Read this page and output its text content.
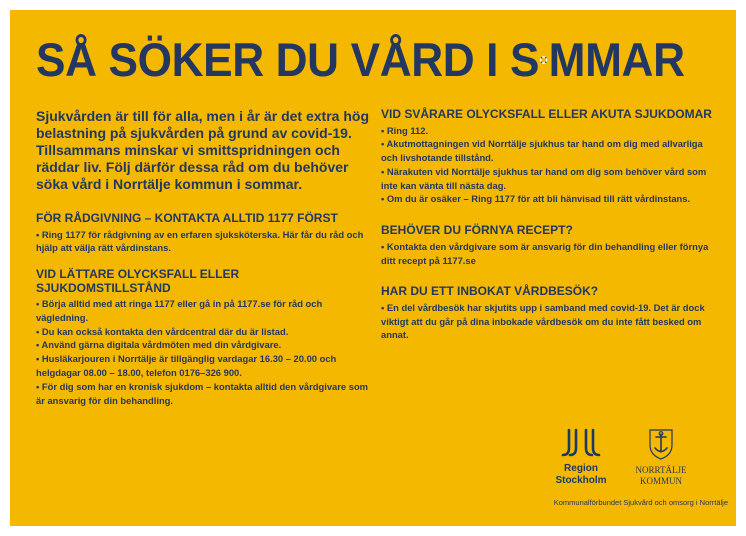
SÅ SÖKER DU VÅRD I S MMAR

Sjukvården är till för alla, men i år är det extra hög belastning på sjukvården på grund av covid-19. Tillsammans minskar vi smittspridningen och räddar liv. Följ därför dessa råd om du behöver söka vård i Norrtälje kommun i sommar.

FÖR RÅDGIVNING – KONTAKTA ALLTID 1177 FÖRST

• Ring 1177 för rådgivning av en erfaren sjuksköterska. Här får du råd och hjälp att välja rätt vårdinstans.

VID LÄTTARE OLYCKSFALL ELLER SJUKDOMSTILLSTÅND

• Börja alltid med att ringa 1177 eller gå in på 1177.se för råd och vägledning.

• Du kan också kontakta den vårdcentral där du är listad.

• Använd gärna digitala vårdmöten med din vårdgivare.

• Husläkarjouren i Norrtälje är tillgänglig vardagar 16.30 – 20.00 och helgdagar 08.00 – 18.00, telefon 0176–326 900.

• För dig som har en kronisk sjukdom – kontakta alltid den vårdgivare som är ansvarig för din behandling.

VID SVÅRARE OLYCKSFALL ELLER AKUTA SJUKDOMAR

• Ring 112.

• Akutmottagningen vid Norrtälje sjukhus tar hand om dig med allvarliga och livshotande tillstånd.

• Närakuten vid Norrtälje sjukhus tar hand om dig som behöver vård som inte kan vänta till nästa dag.

• Om du är osäker – Ring 1177 för att bli hänvisad till rätt vårdinstans.

BEHÖVER DU FÖRNYA RECEPT?

• Kontakta den vårdgivare som är ansvarig för din behandling eller förnya ditt recept på 1177.se

HAR DU ETT INBOKAT VÅRDBESÖK?

• En del vårdbesök har skjutits upp i samband med covid-19. Det är dock viktigt att du går på dina inbokade vårdbesök om du inte fått besked om annat.

Region
Stockholm
NORRTÄLJE
KOMMUN
Kommunalförbundet Sjukvård och omsorg i Norrtälje
